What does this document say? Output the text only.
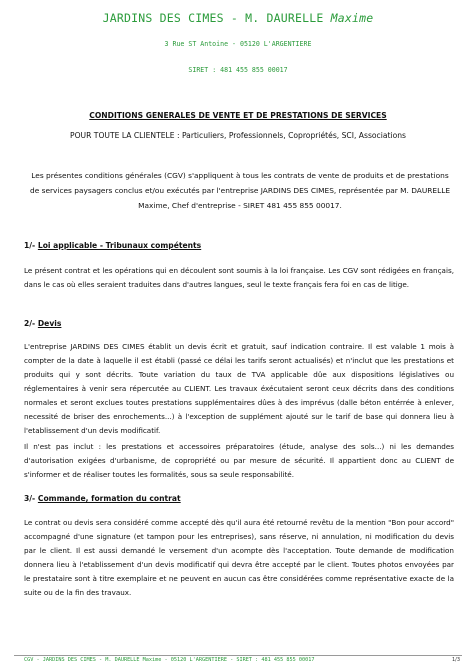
JARDINS DES CIMES - M. DAURELLE Maxime
3 Rue ST Antoine - 05120 L'ARGENTIERE
SIRET : 481 455 855 00017
CONDITIONS GENERALES DE VENTE ET DE PRESTATIONS DE SERVICES
POUR TOUTE LA CLIENTELE : Particuliers, Professionnels, Copropriétés, SCI, Associations
Les présentes conditions générales (CGV) s'appliquent à tous les contrats de vente de produits et de prestations de services paysagers conclus et/ou exécutés par l'entreprise JARDINS DES CIMES, représentée par M. DAURELLE Maxime, Chef d'entreprise - SIRET 481 455 855 00017.
1/- Loi applicable - Tribunaux compétents
Le présent contrat et les opérations qui en découlent sont soumis à la loi française. Les CGV sont rédigées en français, dans le cas où elles seraient traduites dans d'autres langues, seul le texte français fera foi en cas de litige.
2/- Devis
L'entreprise JARDINS DES CIMES établit un devis écrit et gratuit, sauf indication contraire. Il est valable 1 mois à compter de la date à laquelle il est établi (passé ce délai les tarifs seront actualisés) et n'inclut que les prestations et produits qui y sont décrits. Toute variation du taux de TVA applicable dûe aux dispositions législatives ou réglementaires à venir sera répercutée au CLIENT. Les travaux éxécutaient seront ceux décrits dans des conditions normales et seront exclues toutes prestations supplémentaires dûes à des imprévus (dalle béton entérrée à enlever, necessité de briser des enrochements...) à l'exception de supplément ajouté sur le tarif de base qui donnera lieu à l'etablissement d'un devis modificatif.
Il n'est pas inclut : les prestations et accessoires préparatoires (étude, analyse des sols...) ni les demandes d'autorisation exigées d'urbanisme, de copropriété ou par mesure de sécurité. Il appartient donc au CLIENT de s'informer et de réaliser toutes les formalités, sous sa seule responsabilité.
3/- Commande, formation du contrat
Le contrat ou devis sera considéré comme accepté dès qu'il aura été retourné revêtu de la mention "Bon pour accord" accompagné d'une signature (et tampon pour les entreprises), sans réserve, ni annulation, ni modification du devis par le client. Il est aussi demandé le versement d'un acompte dès l'acceptation. Toute demande de modification donnera lieu à l'etablissement d'un devis modificatif qui devra être accepté par le client. Toutes photos envoyées par le prestataire sont à titre exemplaire et ne peuvent en aucun cas être considérées comme représentative exacte de la suite ou de la fin des travaux.
CGV - JARDINS DES CIMES - M. DAURELLE Maxime - 05120 L'ARGENTIERE - SIRET : 481 455 855 00017	1/3
